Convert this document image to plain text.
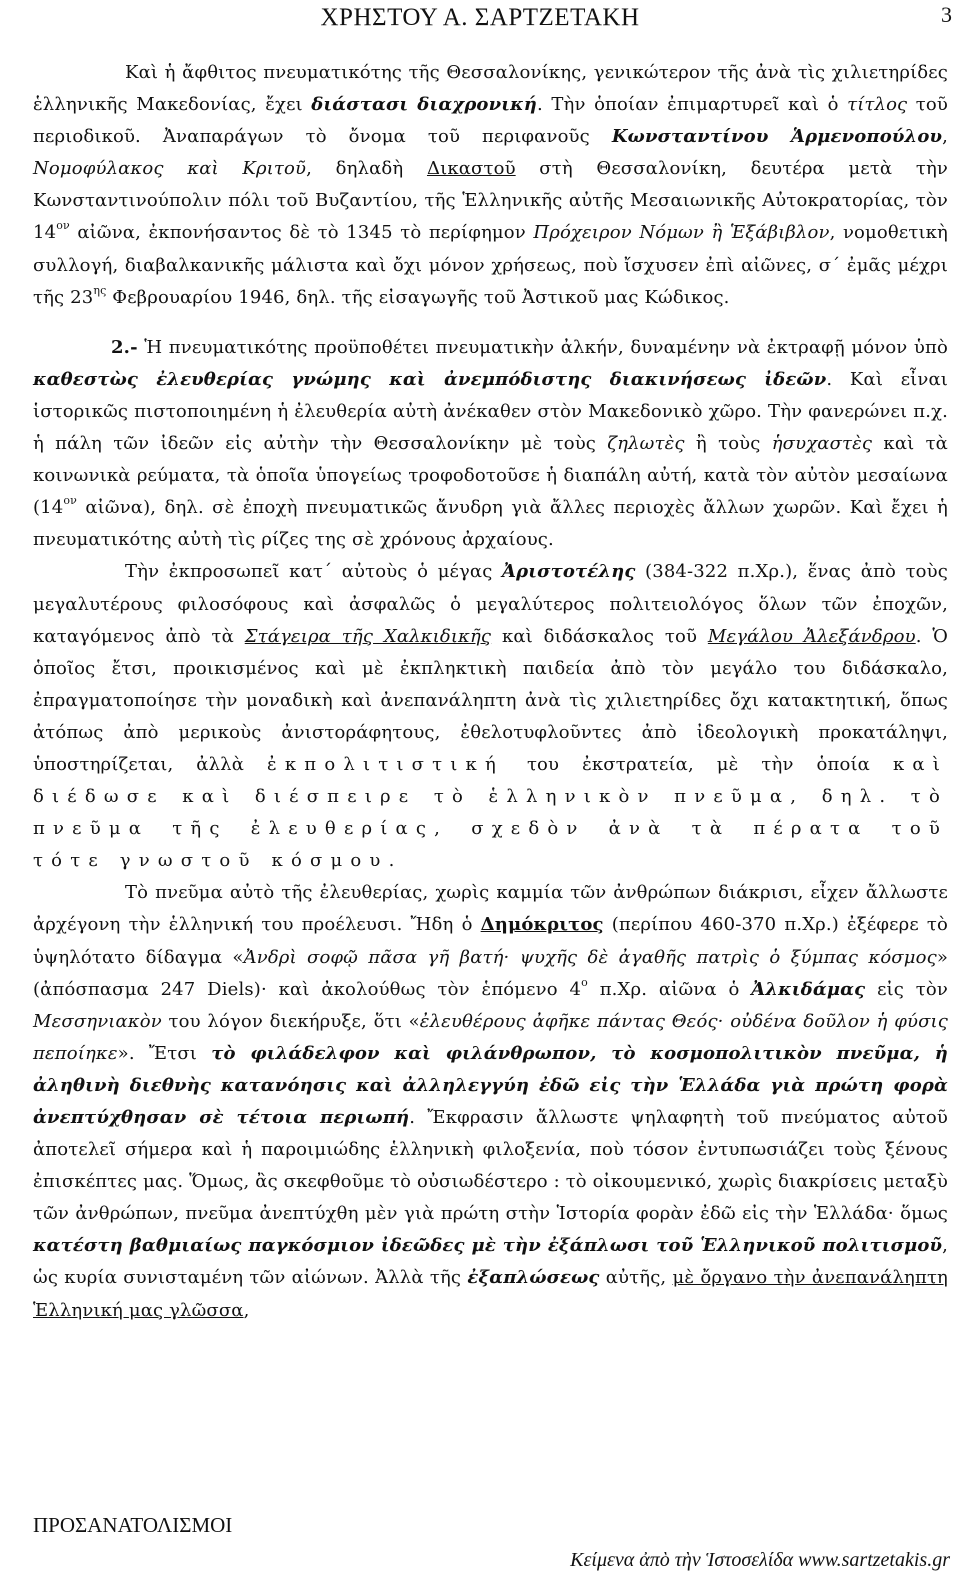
ΧΡΗΣΤΟΥ Α. ΣΑΡΤΖΕΤΑΚΗ	3

Καὶ ἡ ἄφθιτος πνευματικότης τῆς Θεσσαλονίκης, γενικώτερον τῆς ἀνὰ τὶς χιλιετηρίδες ἑλληνικῆς Μακεδονίας, ἔχει διάστασι διαχρονική. Τὴν ὁποίαν ἐπιμαρτυρεῖ καὶ ὁ τίτλος τοῦ περιοδικοῦ. Ἀναπαράγων τὸ ὄνομα τοῦ περιφανοῦς Κωνσταντίνου Ἁρμενοπούλου, Νομοφύλακος καὶ Κριτοῦ, δηλαδὴ Δικαστοῦ στὴ Θεσσαλονίκη, δευτέρα μετὰ τὴν Κωνσταντινούπολιν πόλι τοῦ Βυζαντίου, τῆς Ἑλληνικῆς αὐτῆς Μεσαιωνικῆς Αὐτοκρατορίας, τὸν $14^{o\nu}$ αἰῶνα, ἐκπονήσαντος δὲ τὸ 1345 τὸ περίφημον Πρόχειρον Νόμων ἢ Ἑξάβιβλον, νομοθετικὴ συλλογή, διαβαλκανικῆς μάλιστα καὶ ὄχι μόνον χρήσεως, ποὺ ἴσχυσεν ἐπὶ αἰῶνες, σ΄ ἐμᾶς μέχρι τῆς $23^{\eta\varsigma}$ Φεβρουαρίου 1946, δηλ. τῆς εἰσαγωγῆς τοῦ Ἀστικοῦ μας Κώδικος.

2.- Ἡ πνευματικότης προϋποθέτει πνευματικὴν ἀλκήν, δυναμένην νὰ ἐκτραφῇ μόνον ὑπὸ καθεστὼς ἐλευθερίας γνώμης καὶ ἀνεμπόδιστης διακινήσεως ἰδεῶν. Καὶ εἶναι ἱστορικῶς πιστοποιημένη ἡ ἐλευθερία αὐτὴ ἀνέκαθεν στὸν Μακεδονικὸ χῶρο. Τὴν φανερώνει π.χ. ἡ πάλη τῶν ἰδεῶν εἰς αὐτὴν τὴν Θεσσαλονίκην μὲ τοὺς ζηλωτὲς ἢ τοὺς ἡσυχαστὲς καὶ τὰ κοινωνικὰ ρεύματα, τὰ ὁποῖα ὑπογείως τροφοδοτοῦσε ἡ διαπάλη αὐτή, κατὰ τὸν αὐτὸν μεσαίωνα ($14^{o\nu}$ αἰῶνα), δηλ. σὲ ἐποχὴ πνευματικῶς ἄνυδρη γιὰ ἄλλες περιοχὲς ἄλλων χωρῶν. Καὶ ἔχει ἡ πνευματικότης αὐτὴ τὶς ρίζες της σὲ χρόνους ἀρχαίους.

Τὴν ἐκπροσωπεῖ κατ΄ αὐτοὺς ὁ μέγας Ἀριστοτέλης (384-322 π.Χρ.), ἕνας ἀπὸ τοὺς μεγαλυτέρους φιλοσόφους καὶ ἀσφαλῶς ὁ μεγαλύτερος πολιτειολόγος ὅλων τῶν ἐποχῶν, καταγόμενος ἀπὸ τὰ Στάγειρα τῆς Χαλκιδικῆς καὶ διδάσκαλος τοῦ Μεγάλου Ἀλεξάνδρου. Ὁ ὁποῖος ἔτσι, προικισμένος καὶ μὲ ἐκπληκτικὴ παιδεία ἀπὸ τὸν μεγάλο του διδάσκαλο, ἐπραγματοποίησε τὴν μοναδικὴ καὶ ἀνεπανάληπτη ἀνὰ τὶς χιλιετηρίδες ὄχι κατακτητική, ὅπως ἀτόπως ἀπὸ μερικοὺς ἀνιστοράφητους, ἐθελοτυφλοῦντες ἀπὸ ἰδεολογικὴ προκατάληψι, ὑποστηρίζεται, ἀλλὰ ἐκπολιτιστική του ἐκστρατεία, μὲ τὴν ὁποία καὶ διέδωσε καὶ διέσπειρε τὸ ἑλληνικὸν πνεῦμα, δηλ. τὸ πνεῦμα τῆς ἐλευθερίας, σχεδὸν ἀνὰ τὰ πέρατα τοῦ τότε γνωστοῦ κόσμου.

Τὸ πνεῦμα αὐτὸ τῆς ἐλευθερίας, χωρὶς καμμία τῶν ἀνθρώπων διάκρισι, εἶχεν ἄλλωστε ἀρχέγονη τὴν ἑλληνική του προέλευσι. Ἤδη ὁ Δημόκριτος (περίπου 460-370 π.Χρ.) ἐξέφερε τὸ ὑψηλότατο δίδαγμα «Ἀνδρὶ σοφῷ πᾶσα γῆ βατή· ψυχῆς δὲ ἀγαθῆς πατρὶς ὁ ξύμπας κόσμος» (ἀπόσπασμα 247 Diels)· καὶ ἀκολούθως τὸν ἑπόμενο $4^o$ π.Χρ. αἰῶνα ὁ Ἀλκιδάμας εἰς τὸν Μεσσηνιακὸν του λόγον διεκήρυξε, ὅτι «ἐλευθέρους ἀφῆκε πάντας Θεός· οὐδένα δοῦλον ἡ φύσις πεποίηκε». Ἔτσι τὸ φιλάδελφον καὶ φιλάνθρωπον, τὸ κοσμοπολιτικὸν πνεῦμα, ἡ ἀληθινὴ διεθνὴς κατανόησις καὶ ἀλληλεγγύη ἐδῶ εἰς τὴν Ἑλλάδα γιὰ πρώτη φορὰ ἀνεπτύχθησαν σὲ τέτοια περιωπή. Ἔκφρασιν ἄλλωστε ψηλαφητὴ τοῦ πνεύματος αὐτοῦ ἀποτελεῖ σήμερα καὶ ἡ παροιμιώδης ἑλληνικὴ φιλοξενία, ποὺ τόσον ἐντυπωσιάζει τοὺς ξένους ἐπισκέπτες μας. Ὅμως, ἂς σκεφθοῦμε τὸ οὐσιωδέστερο : τὸ οἰκουμενικό, χωρὶς διακρίσεις μεταξὺ τῶν ἀνθρώπων, πνεῦμα ἀνεπτύχθη μὲν γιὰ πρώτη στὴν Ἱστορία φορὰν ἐδῶ εἰς τὴν Ἑλλάδα· ὅμως κατέστη βαθμιαίως παγκόσμιον ἰδεῶδες μὲ τὴν ἐξάπλωσι τοῦ Ἑλληνικοῦ πολιτισμοῦ, ὡς κυρία συνισταμένη τῶν αἰώνων. Ἀλλὰ τῆς ἐξαπλώσεως αὐτῆς, μὲ ὄργανο τὴν ἀνεπανάληπτη Ἑλληνική μας γλῶσσα,

ΠΡΟΣΑΝΑΤΟΛΙΣΜΟΙ
Κείμενα ἀπὸ τὴν Ἱστοσελίδα www.sartzetakis.gr
